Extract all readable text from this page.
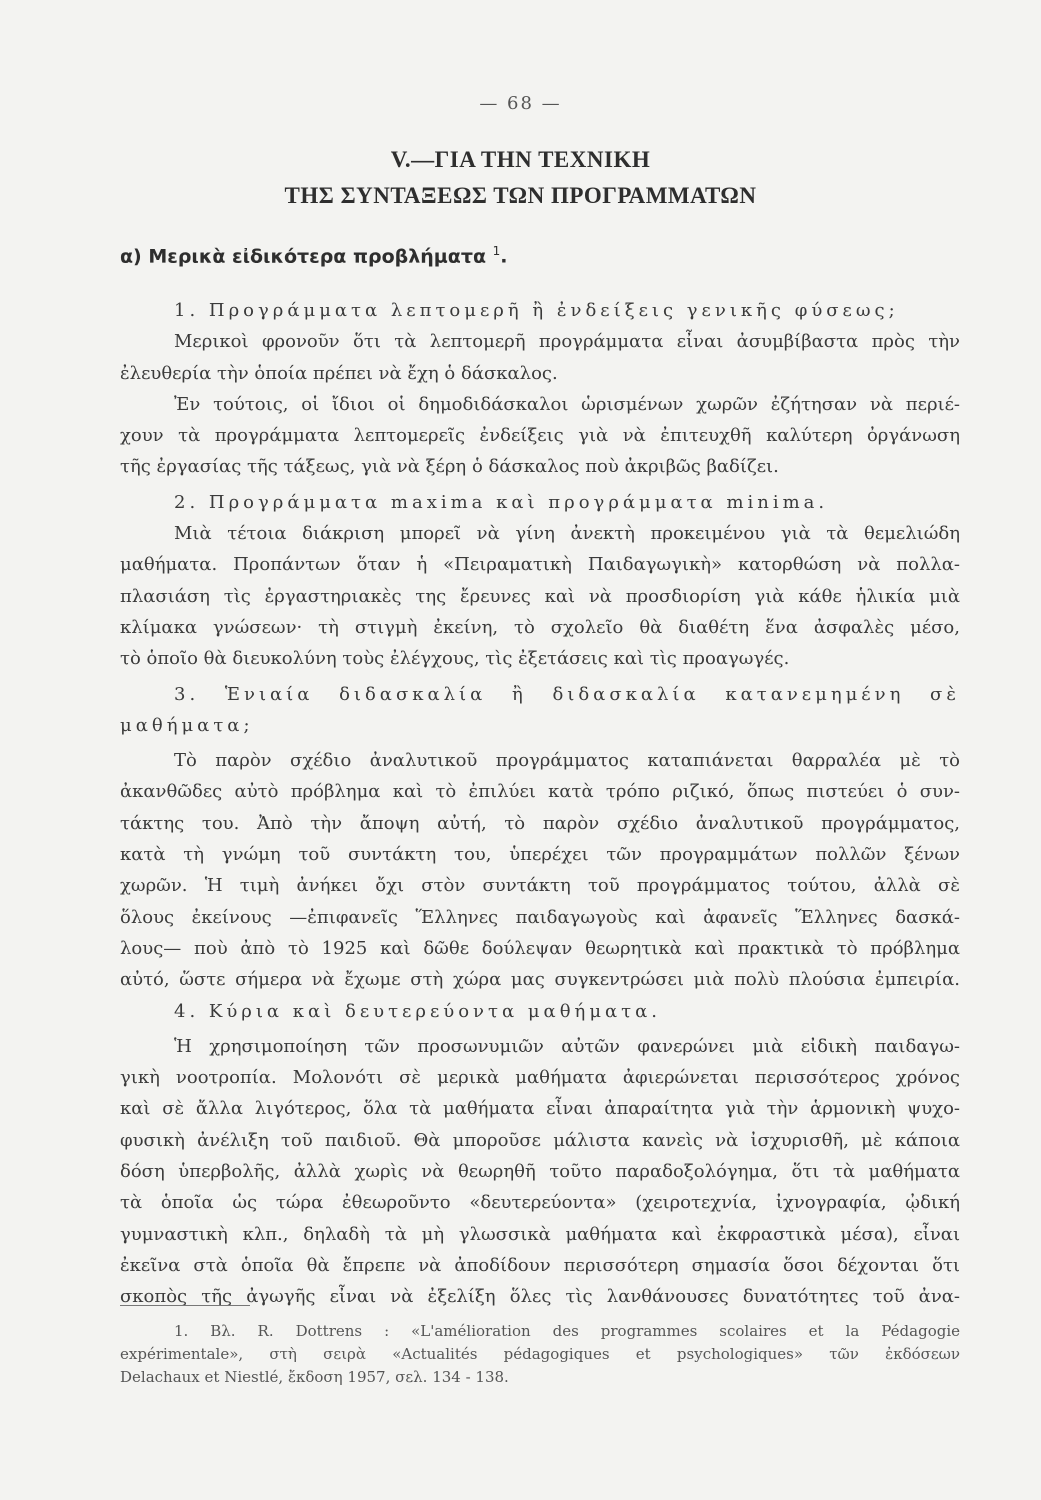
— 68 —
V.—ΓΙΑ ΤΗΝ ΤΕΧΝΙΚΗ
ΤΗΣ ΣΥΝΤΑΞΕΩΣ ΤΩΝ ΠΡΟΓΡΑΜΜΑΤΩΝ
α) Μερικὰ εἰδικότερα προβλήματα $^1$.
1. Προγράμματα λεπτομερῆ ἢ ἐνδείξεις γενικῆς φύσεως;
Μερικοὶ φρονοῦν ὅτι τὰ λεπτομερῆ προγράμματα εἶναι ἀσυμβίβαστα πρὸς τὴν
ἐλευθερία τὴν ὁποία πρέπει νὰ ἔχη ὁ δάσκαλος.
Ἐν τούτοις, οἱ ἴδιοι οἱ δημοδιδάσκαλοι ὡρισμένων χωρῶν ἐζήτησαν νὰ περιέ-
χουν τὰ προγράμματα λεπτομερεῖς ἐνδείξεις γιὰ νὰ ἐπιτευχθῆ καλύτερη ὀργάνωση
τῆς ἐργασίας τῆς τάξεως, γιὰ νὰ ξέρη ὁ δάσκαλος ποὺ ἀκριβῶς βαδίζει.
2. Προγράμματα maxima καὶ προγράμματα minima.
Μιὰ τέτοια διάκριση μπορεῖ νὰ γίνη ἀνεκτὴ προκειμένου γιὰ τὰ θεμελιώδη
μαθήματα. Προπάντων ὅταν ἡ «Πειραματικὴ Παιδαγωγικὴ» κατορθώση νὰ πολλα-
πλασιάση τὶς ἐργαστηριακὲς της ἔρευνες καὶ νὰ προσδιορίση γιὰ κάθε ἡλικία μιὰ
κλίμακα γνώσεων· τὴ στιγμὴ ἐκείνη, τὸ σχολεῖο θὰ διαθέτη ἕνα ἀσφαλὲς μέσο,
τὸ ὁποῖο θὰ διευκολύνη τοὺς ἐλέγχους, τὶς ἐξετάσεις καὶ τὶς προαγωγές.
3. Ἑνιαία διδασκαλία ἢ διδασκαλία κατανεμημένη σὲ
μαθήματα;
Τὸ παρὸν σχέδιο ἀναλυτικοῦ προγράμματος καταπιάνεται θαρραλέα μὲ τὸ
ἀκανθῶδες αὐτὸ πρόβλημα καὶ τὸ ἐπιλύει κατὰ τρόπο ριζικό, ὅπως πιστεύει ὁ συν-
τάκτης του. Ἀπὸ τὴν ἄποψη αὐτή, τὸ παρὸν σχέδιο ἀναλυτικοῦ προγράμματος,
κατὰ τὴ γνώμη τοῦ συντάκτη του, ὑπερέχει τῶν προγραμμάτων πολλῶν ξένων
χωρῶν. Ἡ τιμὴ ἀνήκει ὄχι στὸν συντάκτη τοῦ προγράμματος τούτου, ἀλλὰ σὲ
ὅλους ἐκείνους —ἐπιφανεῖς Ἕλληνες παιδαγωγοὺς καὶ ἀφανεῖς Ἕλληνες δασκά-
λους— ποὺ ἀπὸ τὸ 1925 καὶ δῶθε δούλεψαν θεωρητικὰ καὶ πρακτικὰ τὸ πρόβλημα
αὐτό, ὥστε σήμερα νὰ ἔχωμε στὴ χώρα μας συγκεντρώσει μιὰ πολὺ πλούσια ἐμπειρία.
4. Κύρια καὶ δευτερεύοντα μαθήματα.
Ἡ χρησιμοποίηση τῶν προσωνυμιῶν αὐτῶν φανερώνει μιὰ εἰδικὴ παιδαγω-
γικὴ νοοτροπία. Μολονότι σὲ μερικὰ μαθήματα ἀφιερώνεται περισσότερος χρόνος
καὶ σὲ ἄλλα λιγότερος, ὅλα τὰ μαθήματα εἶναι ἀπαραίτητα γιὰ τὴν ἁρμονικὴ ψυχο-
φυσικὴ ἀνέλιξη τοῦ παιδιοῦ. Θὰ μποροῦσε μάλιστα κανεὶς νὰ ἰσχυρισθῆ, μὲ κάποια
δόση ὑπερβολῆς, ἀλλὰ χωρὶς νὰ θεωρηθῆ τοῦτο παραδοξολόγημα, ὅτι τὰ μαθήματα
τὰ ὁποῖα ὡς τώρα ἐθεωροῦντο «δευτερεύοντα» (χειροτεχνία, ἰχνογραφία, ᾠδική
γυμναστικὴ κλπ., δηλαδὴ τὰ μὴ γλωσσικὰ μαθήματα καὶ ἐκφραστικὰ μέσα), εἶναι
ἐκεῖνα στὰ ὁποῖα θὰ ἔπρεπε νὰ ἀποδίδουν περισσότερη σημασία ὅσοι δέχονται ὅτι
σκοπὸς τῆς ἀγωγῆς εἶναι νὰ ἐξελίξη ὅλες τὶς λανθάνουσες δυνατότητες τοῦ ἀνα-
1. Βλ. R. Dottrens : «L'amélioration des programmes scolaires et la Pédagogie
expérimentale», στὴ σειρὰ «Actualités pédagogiques et psychologiques» τῶν ἐκδόσεων
Delachaux et Niestlé, ἔκδοση 1957, σελ. 134 - 138.
